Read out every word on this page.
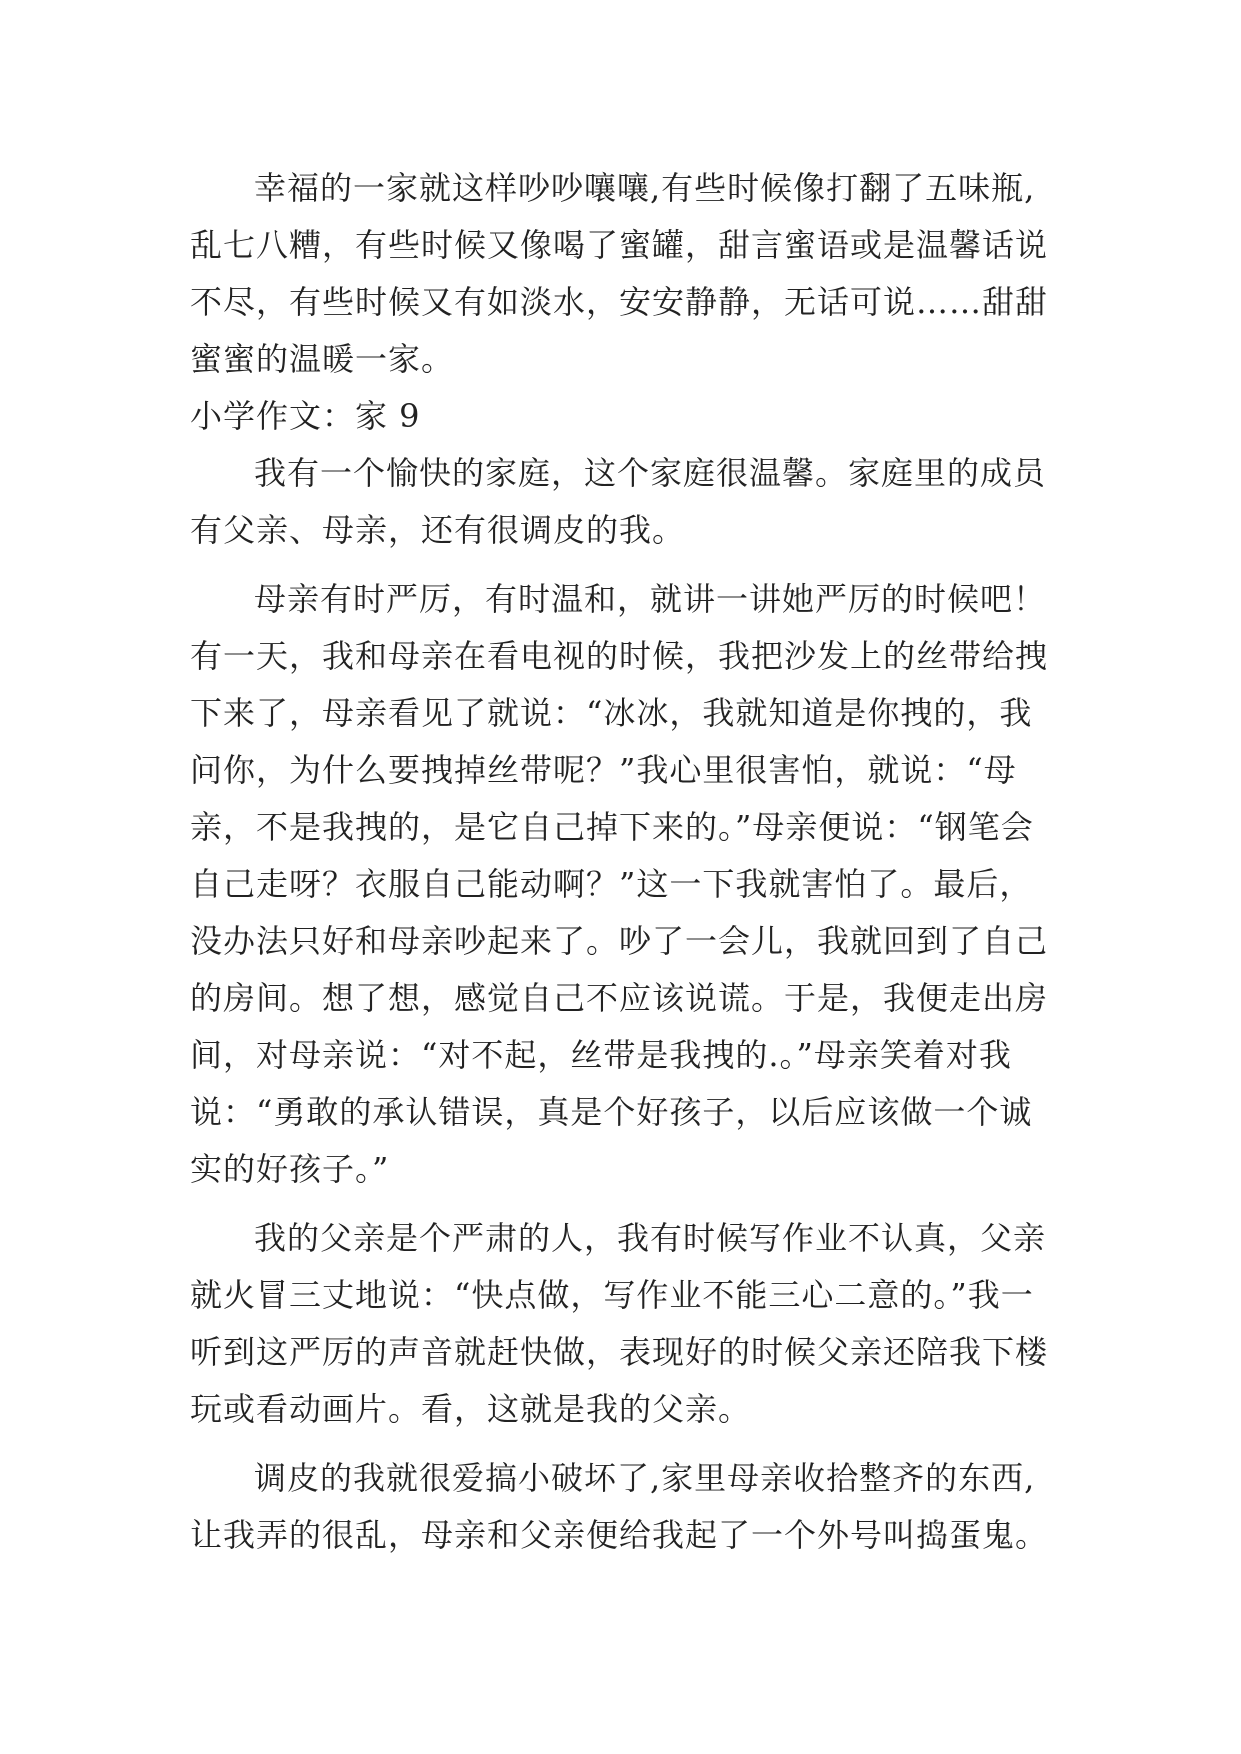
幸福的一家就这样吵吵嚷嚷,有些时候像打翻了五味瓶,
乱七八糟，有些时候又像喝了蜜罐，甜言蜜语或是温馨话说
不尽，有些时候又有如淡水，安安静静，无话可说……甜甜
蜜蜜的温暖一家。
小学作文：家 9
我有一个愉快的家庭，这个家庭很温馨。家庭里的成员
有父亲、母亲，还有很调皮的我。
母亲有时严厉，有时温和，就讲一讲她严厉的时候吧！
有一天，我和母亲在看电视的时候，我把沙发上的丝带给拽
下来了，母亲看见了就说：“冰冰，我就知道是你拽的，我
问你，为什么要拽掉丝带呢？”我心里很害怕，就说：“母
亲，不是我拽的，是它自己掉下来的。”母亲便说：“钢笔会
自己走呀？衣服自己能动啊？”这一下我就害怕了。最后，
没办法只好和母亲吵起来了。吵了一会儿，我就回到了自己
的房间。想了想，感觉自己不应该说谎。于是，我便走出房
间，对母亲说：“对不起，丝带是我拽的.。”母亲笑着对我
说：“勇敢的承认错误，真是个好孩子，以后应该做一个诚
实的好孩子。”
我的父亲是个严肃的人，我有时候写作业不认真，父亲
就火冒三丈地说：“快点做，写作业不能三心二意的。”我一
听到这严厉的声音就赶快做，表现好的时候父亲还陪我下楼
玩或看动画片。看，这就是我的父亲。
调皮的我就很爱搞小破坏了,家里母亲收拾整齐的东西,
让我弄的很乱，母亲和父亲便给我起了一个外号叫捣蛋鬼。
